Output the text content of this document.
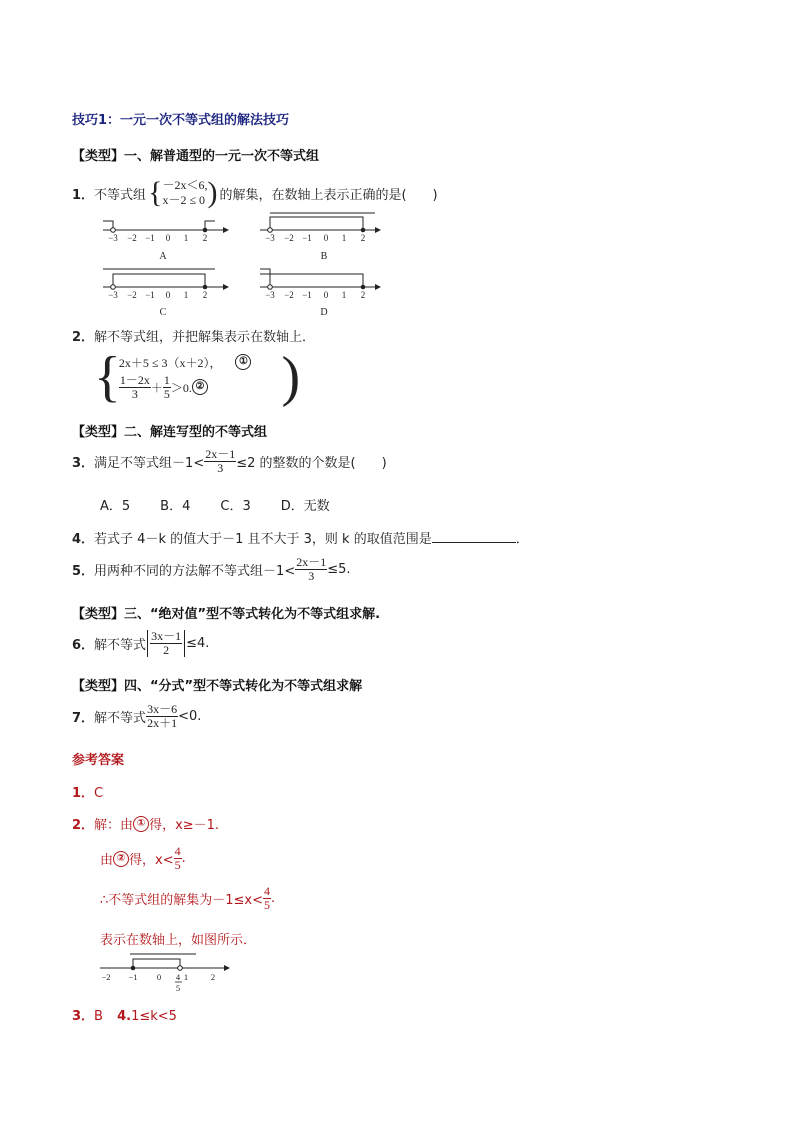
技巧1：一元一次不等式组的解法技巧
【类型】一、解普通型的一元一次不等式组
1． 不等式组 { －2x＜6,
x－2 ≤ 0 ) 的解集，在数轴上表示正确的是(　　)
−3 −2 −1 0 1 2
A
−3 −2 −1 0 1 2
B
−3 −2 −1 0 1 2
C
−3 −2 −1 0 1 2
D
2．解不等式组，并把解集表示在数轴上．
{
2x＋5 ≤ 3（x＋2），	①
$\frac{1-2x}{3} + \frac{1}{5} >0$. ② )
【类型】二、解连写型的不等式组
3． 满足不等式组$-1< \frac{2x-1}{3} \le 2$ 的整数的个数是(　　)
A．5 B．4 C．3 D．无数
4．若式子 4－k 的值大于－1 且不大于 3，则 k 的取值范围是	．
5． 用两种不同的方法解不等式组$-1< \frac{2x-1}{3} \le 5$.
【类型】三、“绝对值”型不等式转化为不等式组求解.
6． 解不等式 $\frac{3x-1}{2} \le 4$.
【类型】四、“分式”型不等式转化为不等式组求解
7． 解不等式 $\frac{3x-6}{2x+1} <0$.
参考答案
1．C
2． 解：由 ① 得，x≥－1.
由 ② 得，$x< \frac{4}{5}$ .
∴不等式组的解集为$-1\le x< \frac{4}{5}$ .
表示在数轴上，如图所示．
−2 −1 0 4
5
1	2
3．B 4.1≤k<5
